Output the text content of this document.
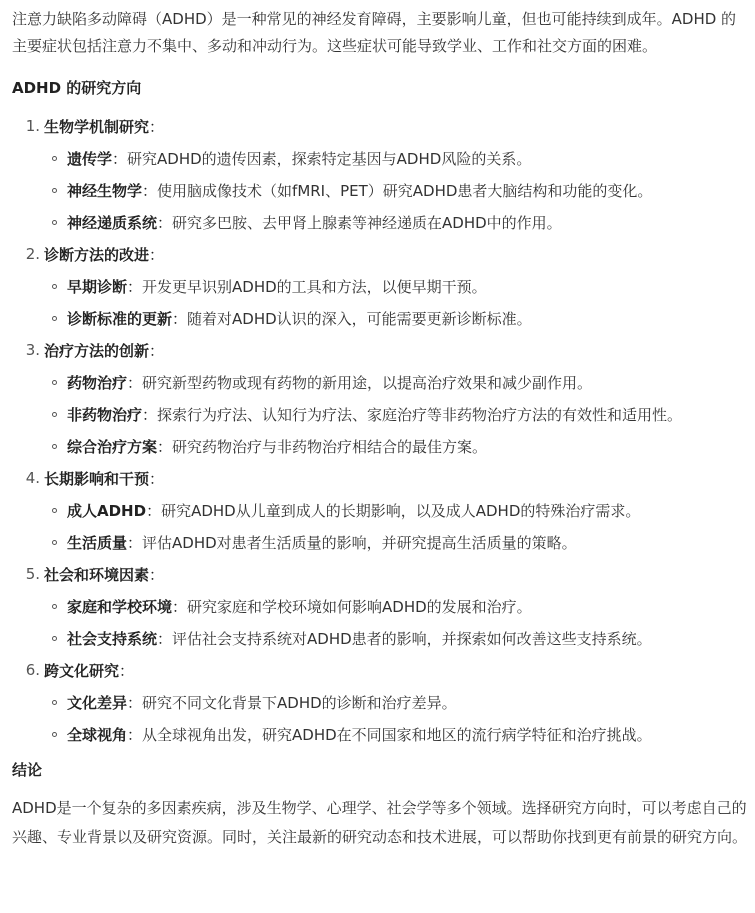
注意力缺陷多动障碍（ADHD）是一种常见的神经发育障碍，主要影响儿童，但也可能持续到成年。ADHD 的主要症状包括注意力不集中、多动和冲动行为。这些症状可能导致学业、工作和社交方面的困难。

ADHD 的研究方向
1. 生物学机制研究 ：
遗传学 ：	研究ADHD的遗传因素，探索特定基因与ADHD风险的关系。
神经生物学 ：	使用脑成像技术（如fMRI、PET）研究ADHD患者大脑结构和功能的变化。
神经递质系统 ：	研究多巴胺、去甲肾上腺素等神经递质在ADHD中的作用。
2. 诊断方法的改进 ：
早期诊断 ：	开发更早识别ADHD的工具和方法，以便早期干预。
诊断标准的更新 ：	随着对ADHD认识的深入，可能需要更新诊断标准。
3. 治疗方法的创新 ：
药物治疗 ：	研究新型药物或现有药物的新用途，以提高治疗效果和减少副作用。
非药物治疗 ：	探索行为疗法、认知行为疗法、家庭治疗等非药物治疗方法的有效性和适用性。
综合治疗方案 ：	研究药物治疗与非药物治疗相结合的最佳方案。
4. 长期影响和干预 ：
成人ADHD ：	研究ADHD从儿童到成人的长期影响，以及成人ADHD的特殊治疗需求。
生活质量 ：	评估ADHD对患者生活质量的影响，并研究提高生活质量的策略。
5. 社会和环境因素 ：
家庭和学校环境 ：	研究家庭和学校环境如何影响ADHD的发展和治疗。
社会支持系统 ：	评估社会支持系统对ADHD患者的影响，并探索如何改善这些支持系统。
6. 跨文化研究 ：
文化差异 ：	研究不同文化背景下ADHD的诊断和治疗差异。
全球视角 ：	从全球视角出发，研究ADHD在不同国家和地区的流行病学特征和治疗挑战。
结论

ADHD是一个复杂的多因素疾病，涉及生物学、心理学、社会学等多个领域。选择研究方向时，可以考虑自己的兴趣、专业背景以及研究资源。同时，关注最新的研究动态和技术进展，可以帮助你找到更有前景的研究方向。
